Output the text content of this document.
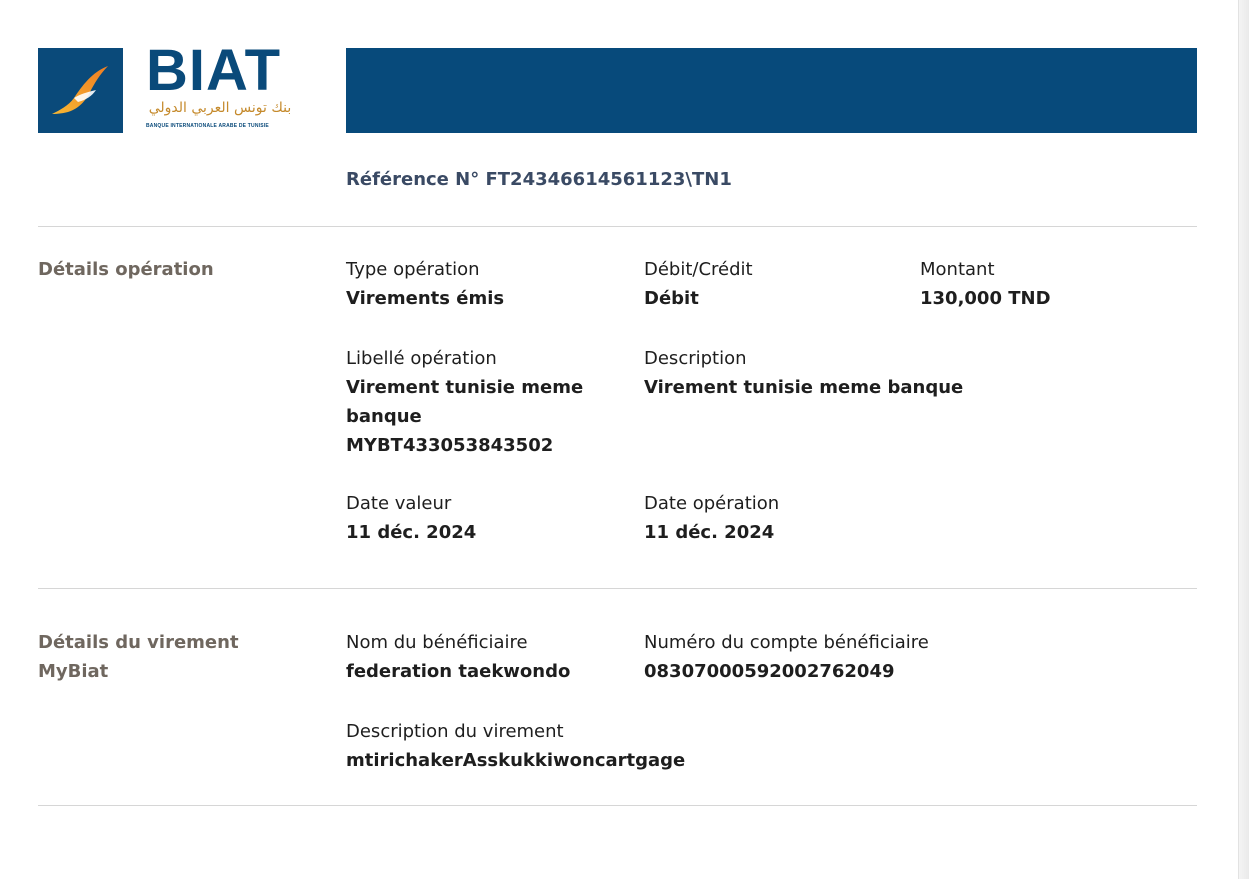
BIAT
بنك تونس العربي الدولي
BANQUE INTERNATIONALE ARABE DE TUNISIE
Référence N° FT24346614561123\TN1
Détails opération	Type opération
Virements émis
Débit/Crédit
Débit
Montant
130,000 TND
Libellé opération
Virement tunisie meme
banque
MYBT433053843502
Description
Virement tunisie meme banque
Date valeur
11 déc. 2024
Date opération
11 déc. 2024
Détails du virement
MyBiat
Nom du bénéficiaire
federation taekwondo
Numéro du compte bénéficiaire
08307000592002762049
Description du virement
mtirichakerAsskukkiwoncartgage
